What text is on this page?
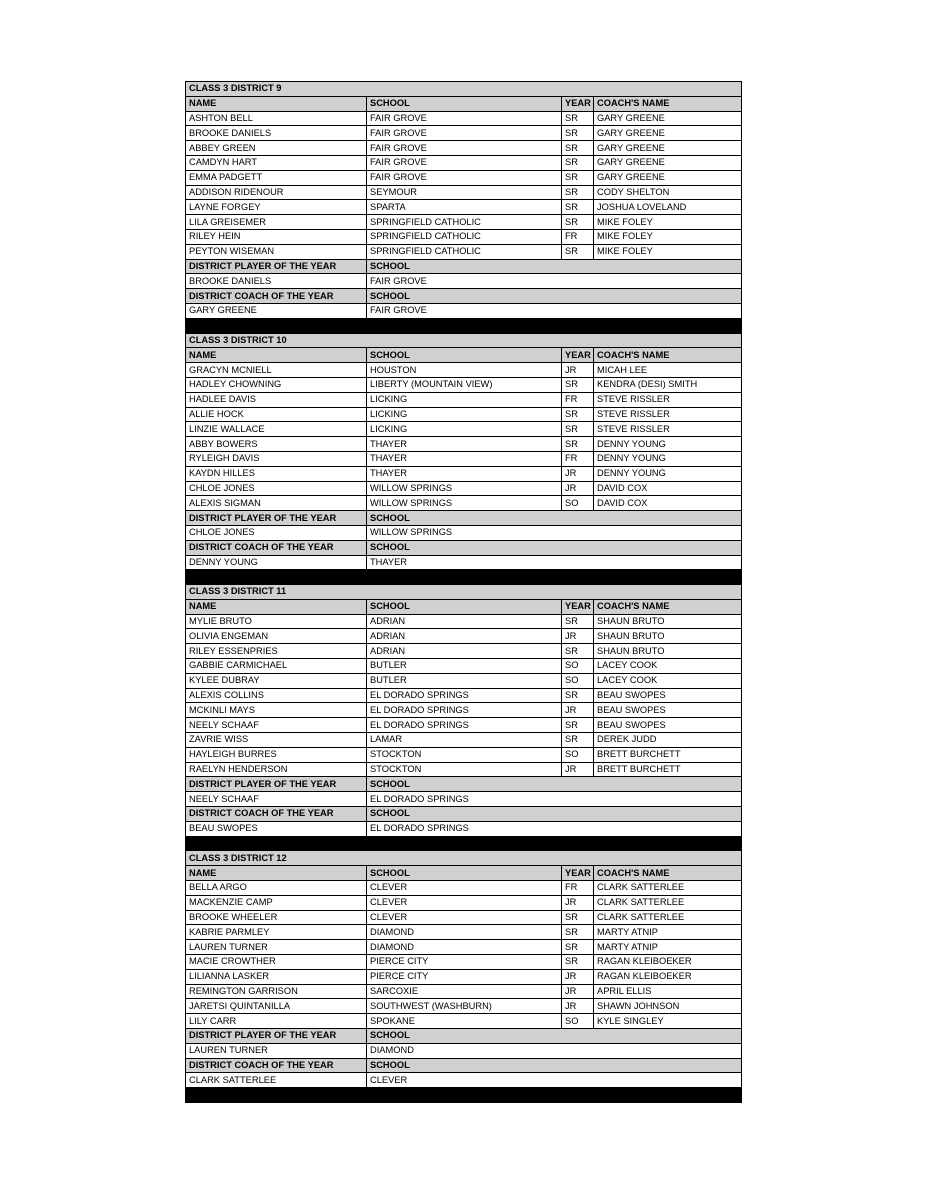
CLASS 3 DISTRICT 9			
NAME	SCHOOL	YEAR	COACH'S NAME
ASHTON BELL	FAIR GROVE	SR	GARY GREENE
BROOKE DANIELS	FAIR GROVE	SR	GARY GREENE
ABBEY GREEN	FAIR GROVE	SR	GARY GREENE
CAMDYN HART	FAIR GROVE	SR	GARY GREENE
EMMA PADGETT	FAIR GROVE	SR	GARY GREENE
ADDISON RIDENOUR	SEYMOUR	SR	CODY SHELTON
LAYNE FORGEY	SPARTA	SR	JOSHUA LOVELAND
LILA GREISEMER	SPRINGFIELD CATHOLIC	SR	MIKE FOLEY
RILEY HEIN	SPRINGFIELD CATHOLIC	FR	MIKE FOLEY
PEYTON WISEMAN	SPRINGFIELD CATHOLIC	SR	MIKE FOLEY
DISTRICT PLAYER OF THE YEAR	SCHOOL		
BROOKE DANIELS	FAIR GROVE		
DISTRICT COACH OF THE YEAR	SCHOOL		
GARY GREENE	FAIR GROVE		

CLASS 3 DISTRICT 10			
NAME	SCHOOL	YEAR	COACH'S NAME
GRACYN MCNIELL	HOUSTON	JR	MICAH LEE
HADLEY CHOWNING	LIBERTY (MOUNTAIN VIEW)	SR	KENDRA (DESI) SMITH
HADLEE DAVIS	LICKING	FR	STEVE RISSLER
ALLIE HOCK	LICKING	SR	STEVE RISSLER
LINZIE WALLACE	LICKING	SR	STEVE RISSLER
ABBY BOWERS	THAYER	SR	DENNY YOUNG
RYLEIGH DAVIS	THAYER	FR	DENNY YOUNG
KAYDN HILLES	THAYER	JR	DENNY YOUNG
CHLOE JONES	WILLOW SPRINGS	JR	DAVID COX
ALEXIS SIGMAN	WILLOW SPRINGS	SO	DAVID COX
DISTRICT PLAYER OF THE YEAR	SCHOOL		
CHLOE JONES	WILLOW SPRINGS		
DISTRICT COACH OF THE YEAR	SCHOOL		
DENNY YOUNG	THAYER		

CLASS 3 DISTRICT 11			
NAME	SCHOOL	YEAR	COACH'S NAME
MYLIE BRUTO	ADRIAN	SR	SHAUN BRUTO
OLIVIA ENGEMAN	ADRIAN	JR	SHAUN BRUTO
RILEY ESSENPRIES	ADRIAN	SR	SHAUN BRUTO
GABBIE CARMICHAEL	BUTLER	SO	LACEY COOK
KYLEE DUBRAY	BUTLER	SO	LACEY COOK
ALEXIS COLLINS	EL DORADO SPRINGS	SR	BEAU SWOPES
MCKINLI MAYS	EL DORADO SPRINGS	JR	BEAU SWOPES
NEELY SCHAAF	EL DORADO SPRINGS	SR	BEAU SWOPES
ZAVRIE WISS	LAMAR	SR	DEREK JUDD
HAYLEIGH BURRES	STOCKTON	SO	BRETT BURCHETT
RAELYN HENDERSON	STOCKTON	JR	BRETT BURCHETT
DISTRICT PLAYER OF THE YEAR	SCHOOL		
NEELY SCHAAF	EL DORADO SPRINGS		
DISTRICT COACH OF THE YEAR	SCHOOL		
BEAU SWOPES	EL DORADO SPRINGS		

CLASS 3 DISTRICT 12			
NAME	SCHOOL	YEAR	COACH'S NAME
BELLA ARGO	CLEVER	FR	CLARK SATTERLEE
MACKENZIE CAMP	CLEVER	JR	CLARK SATTERLEE
BROOKE WHEELER	CLEVER	SR	CLARK SATTERLEE
KABRIE PARMLEY	DIAMOND	SR	MARTY ATNIP
LAUREN TURNER	DIAMOND	SR	MARTY ATNIP
MACIE CROWTHER	PIERCE CITY	SR	RAGAN KLEIBOEKER
LILIANNA LASKER	PIERCE CITY	JR	RAGAN KLEIBOEKER
REMINGTON GARRISON	SARCOXIE	JR	APRIL ELLIS
JARETSI QUINTANILLA	SOUTHWEST (WASHBURN)	JR	SHAWN JOHNSON
LILY CARR	SPOKANE	SO	KYLE SINGLEY
DISTRICT PLAYER OF THE YEAR	SCHOOL		
LAUREN TURNER	DIAMOND		
DISTRICT COACH OF THE YEAR	SCHOOL		
CLARK SATTERLEE	CLEVER		
